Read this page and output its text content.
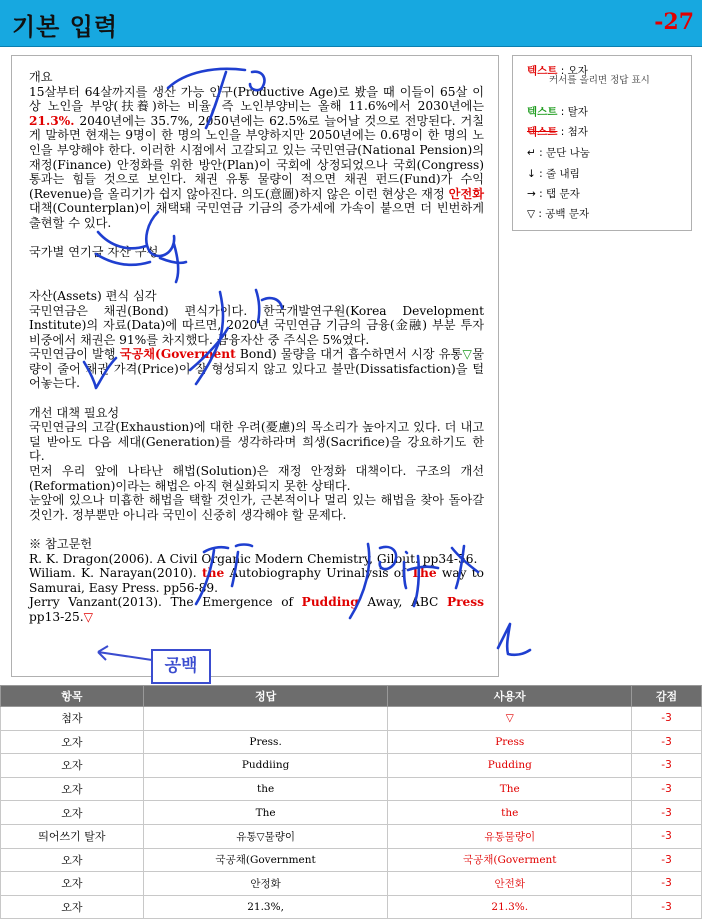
기본 입력	-27

개요

15살부터 64살까지를 생산 가능 인구(Productive Age)로 봤을 때 이들이 65살 이상 노인을 부양(扶養)하는 비율, 즉 노인부양비는 올해 11.6%에서 2030년에는 21.3%. 2040년에는 35.7%, 2050년에는 62.5%로 늘어날 것으로 전망된다. 거칠게 말하면 현재는 9명이 한 명의 노인을 부양하지만 2050년에는 0.6명이 한 명의 노인을 부양해야 한다. 이러한 시점에서 고갈되고 있는 국민연금(National Pension)의 재정(Finance) 안정화를 위한 방안(Plan)이 국회에 상정되었으나 국회(Congress) 통과는 힘들 것으로 보인다. 채권 유통 물량이 적으면 채권 펀드(Fund)가 수익(Revenue)을 올리기가 쉽지 않아진다. 의도(意圖)하지 않은 이런 현상은 재정 안전화 대책(Counterplan)이 채택돼 국민연금 기금의 증가세에 가속이 붙으면 더 빈번하게 출현할 수 있다.

국가별 연기금 자산 구성

자산(Assets) 편식 심각

국민연금은 채권(Bond) 편식가이다. 한국개발연구원(Korea Development Institute)의 자료(Data)에 따르면, 2020년 국민연금 기금의 금융(金融) 부분 투자 비중에서 채권은 91%를 차지했다. 금융자산 중 주식은 5%였다.

국민연금이 발행 국공채(Goverment Bond) 물량을 대거 흡수하면서 시장 유통▽물량이 줄어 채권 가격(Price)이 잘 형성되지 않고 있다고 불만(Dissatisfaction)을 털어놓는다.

개선 대책 필요성

국민연금의 고갈(Exhaustion)에 대한 우려(憂慮)의 목소리가 높아지고 있다. 더 내고 덜 받아도 다음 세대(Generation)를 생각하라며 희생(Sacrifice)을 강요하기도 한다.

먼저 우리 앞에 나타난 해법(Solution)은 재정 안정화 대책이다. 구조의 개선(Reformation)이라는 해법은 아직 현실화되지 못한 상태다.

눈앞에 있으나 미흡한 해법을 택할 것인가, 근본적이나 멀리 있는 해법을 찾아 돌아갈 것인가. 정부뿐만 아니라 국민이 신중히 생각해야 할 문제다.

※ 참고문헌

R. K. Dragon(2006). A Civil Organic Modern Chemistry, Gilbut. pp34-56.

Wiliam. K. Narayan(2010). the Autobiography Urinalysis of The way to Samurai, Easy Press. pp56-89.

Jerry Vanzant(2013). The Emergence of Pudding Away, ABC Press pp13-25.▽

공백
텍스트 : 오자
커서를 올리면 정답 표시
텍스트 : 탈자
텍스트 : 첨자
↵ : 문단 나눔
↓ : 줄 내림
→ : 탭 문자
▽ : 공백 문자
항목	정답	사용자	감점
첨자		▽	-3
오자	Press.	Press	-3
오자	Puddiing	Pudding	-3
오자	the	The	-3
오자	The	the	-3
띄어쓰기 탈자	유통▽물량이	유통물량이	-3
오자	국공채(Government	국공채(Goverment	-3
오자	안정화	안전화	-3
오자	21.3%,	21.3%.	-3
